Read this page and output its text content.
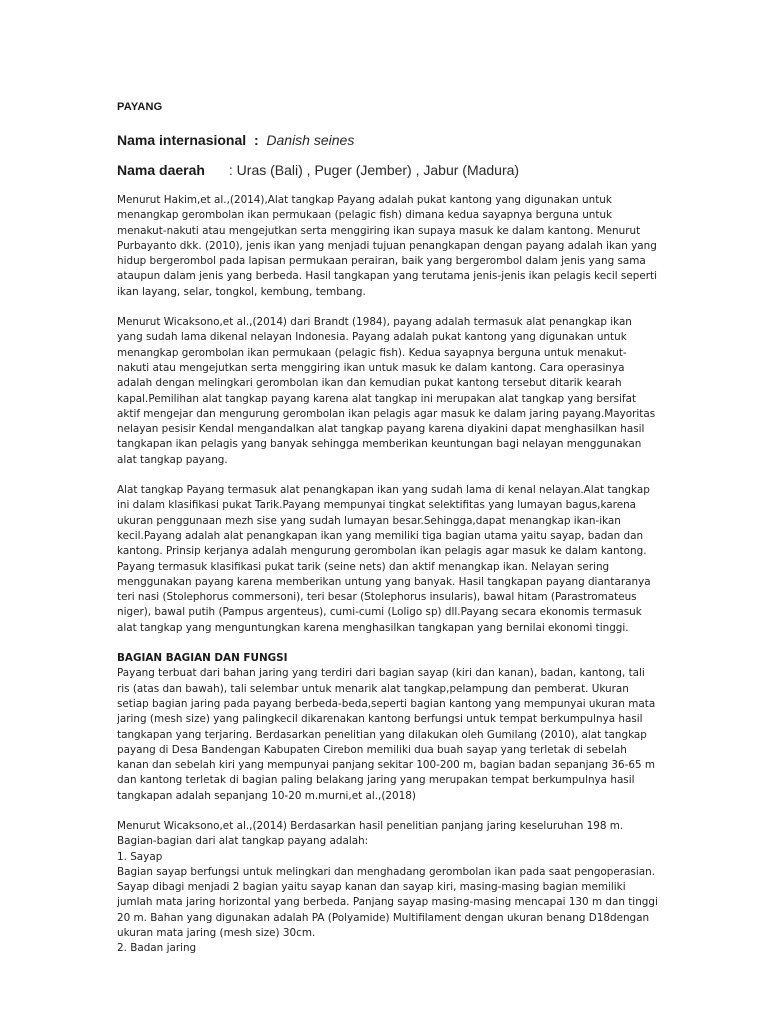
PAYANG
Nama internasional : Danish seines
Nama daerah : Uras (Bali) , Puger (Jember) , Jabur (Madura)
Menurut Hakim,et al.,(2014),Alat tangkap Payang adalah pukat kantong yang digunakan untuk
menangkap gerombolan ikan permukaan (pelagic fish) dimana kedua sayapnya berguna untuk
menakut-nakuti atau mengejutkan serta menggiring ikan supaya masuk ke dalam kantong. Menurut
Purbayanto dkk. (2010), jenis ikan yang menjadi tujuan penangkapan dengan payang adalah ikan yang
hidup bergerombol pada lapisan permukaan perairan, baik yang bergerombol dalam jenis yang sama
ataupun dalam jenis yang berbeda. Hasil tangkapan yang terutama jenis-jenis ikan pelagis kecil seperti
ikan layang, selar, tongkol, kembung, tembang.
Menurut Wicaksono,et al.,(2014) dari Brandt (1984), payang adalah termasuk alat penangkap ikan
yang sudah lama dikenal nelayan Indonesia. Payang adalah pukat kantong yang digunakan untuk
menangkap gerombolan ikan permukaan (pelagic fish). Kedua sayapnya berguna untuk menakut-
nakuti atau mengejutkan serta menggiring ikan untuk masuk ke dalam kantong. Cara operasinya
adalah dengan melingkari gerombolan ikan dan kemudian pukat kantong tersebut ditarik kearah
kapal.Pemilihan alat tangkap payang karena alat tangkap ini merupakan alat tangkap yang bersifat
aktif mengejar dan mengurung gerombolan ikan pelagis agar masuk ke dalam jaring payang.Mayoritas
nelayan pesisir Kendal mengandalkan alat tangkap payang karena diyakini dapat menghasilkan hasil
tangkapan ikan pelagis yang banyak sehingga memberikan keuntungan bagi nelayan menggunakan
alat tangkap payang.
Alat tangkap Payang termasuk alat penangkapan ikan yang sudah lama di kenal nelayan.Alat tangkap
ini dalam klasifikasi pukat Tarik.Payang mempunyai tingkat selektifitas yang lumayan bagus,karena
ukuran penggunaan mezh sise yang sudah lumayan besar.Sehingga,dapat menangkap ikan-ikan
kecil.Payang adalah alat penangkapan ikan yang memiliki tiga bagian utama yaitu sayap, badan dan
kantong. Prinsip kerjanya adalah mengurung gerombolan ikan pelagis agar masuk ke dalam kantong.
Payang termasuk klasifikasi pukat tarik (seine nets) dan aktif menangkap ikan. Nelayan sering
menggunakan payang karena memberikan untung yang banyak. Hasil tangkapan payang diantaranya
teri nasi (Stolephorus commersoni), teri besar (Stolephorus insularis), bawal hitam (Parastromateus
niger), bawal putih (Pampus argenteus), cumi-cumi (Loligo sp) dll.Payang secara ekonomis termasuk
alat tangkap yang menguntungkan karena menghasilkan tangkapan yang bernilai ekonomi tinggi.
BAGIAN BAGIAN DAN FUNGSI
Payang terbuat dari bahan jaring yang terdiri dari bagian sayap (kiri dan kanan), badan, kantong, tali
ris (atas dan bawah), tali selembar untuk menarik alat tangkap,pelampung dan pemberat. Ukuran
setiap bagian jaring pada payang berbeda-beda,seperti bagian kantong yang mempunyai ukuran mata
jaring (mesh size) yang palingkecil dikarenakan kantong berfungsi untuk tempat berkumpulnya hasil
tangkapan yang terjaring. Berdasarkan penelitian yang dilakukan oleh Gumilang (2010), alat tangkap
payang di Desa Bandengan Kabupaten Cirebon memiliki dua buah sayap yang terletak di sebelah
kanan dan sebelah kiri yang mempunyai panjang sekitar 100-200 m, bagian badan sepanjang 36-65 m
dan kantong terletak di bagian paling belakang jaring yang merupakan tempat berkumpulnya hasil
tangkapan adalah sepanjang 10-20 m.murni,et al.,(2018)
Menurut Wicaksono,et al.,(2014) Berdasarkan hasil penelitian panjang jaring keseluruhan 198 m.
Bagian-bagian dari alat tangkap payang adalah:
1. Sayap
Bagian sayap berfungsi untuk melingkari dan menghadang gerombolan ikan pada saat pengoperasian.
Sayap dibagi menjadi 2 bagian yaitu sayap kanan dan sayap kiri, masing-masing bagian memiliki
jumlah mata jaring horizontal yang berbeda. Panjang sayap masing-masing mencapai 130 m dan tinggi
20 m. Bahan yang digunakan adalah PA (Polyamide) Multifilament dengan ukuran benang D18dengan
ukuran mata jaring (mesh size) 30cm.
2. Badan jaring
